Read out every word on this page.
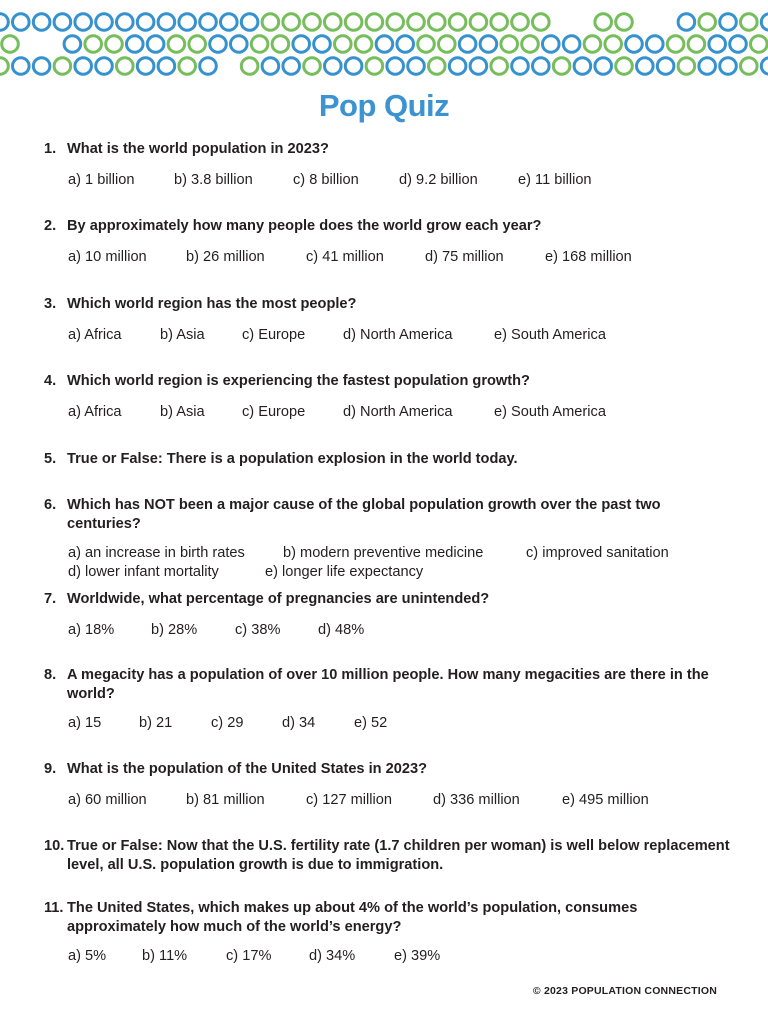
Pop Quiz
1. What is the world population in 2023?
a) 1 billion	b) 3.8 billion	c) 8 billion	d) 9.2 billion	e) 11 billion
2. By approximately how many people does the world grow each year?
a) 10 million	b) 26 million	c) 41 million	d) 75 million	e) 168 million
3. Which world region has the most people?
a) Africa	b) Asia	c) Europe	d) North America	e) South America
4. Which world region is experiencing the fastest population growth?
a) Africa	b) Asia	c) Europe	d) North America	e) South America
5. True or False: There is a population explosion in the world today.
6. Which has NOT been a major cause of the global population growth over the past two centuries?
a) an increase in birth rates	b) modern preventive medicine	c) improved sanitation
d) lower infant mortality	e) longer life expectancy
7. Worldwide, what percentage of pregnancies are unintended?
a) 18%	b) 28%	c) 38%	d) 48%
8. A megacity has a population of over 10 million people. How many megacities are there in the world?
a) 15	b) 21	c) 29	d) 34	e) 52
9. What is the population of the United States in 2023?
a) 60 million	b) 81 million	c) 127 million	d) 336 million	e) 495 million
10. True or False: Now that the U.S. fertility rate (1.7 children per woman) is well below replacement level, all U.S. population growth is due to immigration.
11. The United States, which makes up about 4% of the world’s population, consumes approximately how much of the world’s energy?
a) 5%	b) 11%	c) 17%	d) 34%	e) 39%
© 2023 POPULATION CONNECTION
